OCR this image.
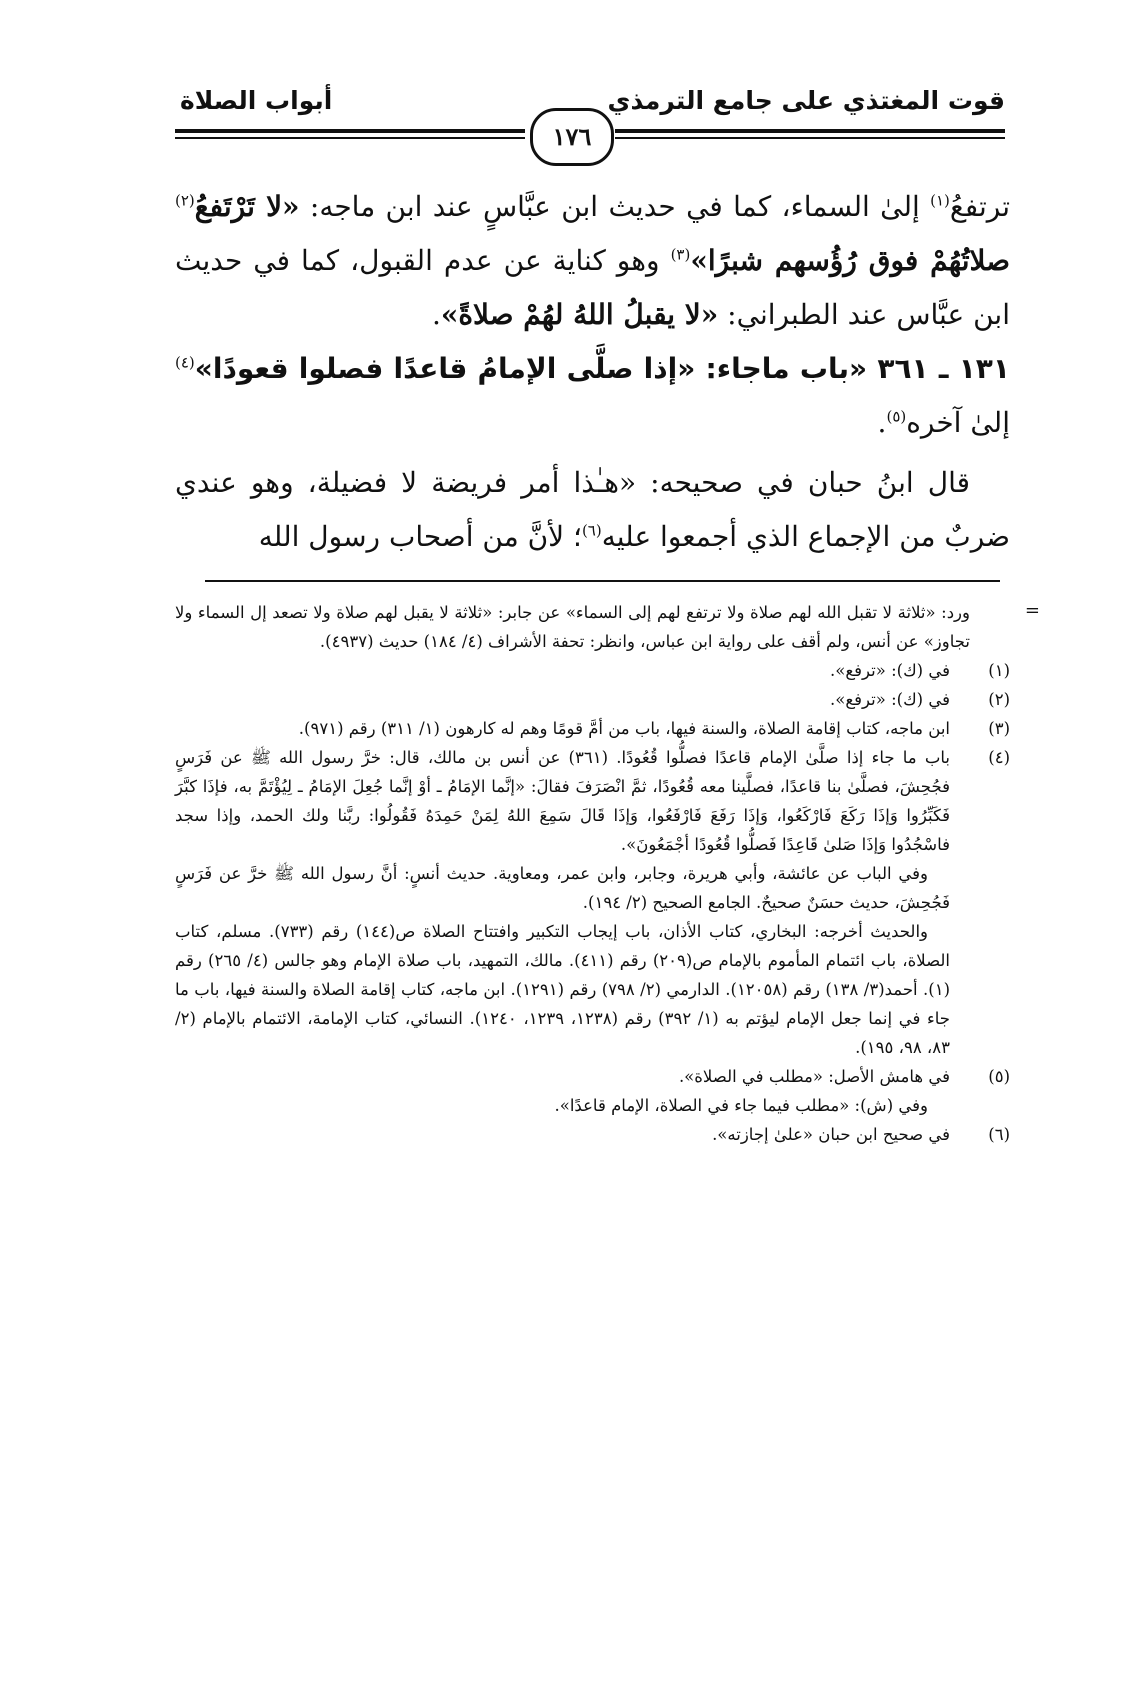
قوت المغتذي على جامع الترمذي
أبواب الصلاة
١٧٦

ترتفعُ$^{(١)}$ إلىٰ السماء، كما في حديث ابن عبَّاسٍ عند ابن ماجه: «لا تَرْتَفعُ$^{(٢)}$ صلاتُهُمْ فوق رُؤُسهم شبرًا»$^{(٣)}$ وهو كناية عن عدم القبول، كما في حديث ابن عبَّاس عند الطبراني: «لا يقبلُ اللهُ لهُمْ صلاةً».

١٣١ ـ ٣٦١ «باب ماجاء: «إذا صلَّى الإمامُ قاعدًا فصلوا قعودًا»$^{(٤)}$ إلىٰ آخره$^{(٥)}$.

قال ابنُ حبان في صحيحه: «هـٰذا أمر فريضة لا فضيلة، وهو عندي ضربٌ من الإجماع الذي أجمعوا عليه$^{(٦)}$؛ لأنَّ من أصحاب رسول الله

=

ورد: «ثلاثة لا تقبل الله لهم صلاة ولا ترتفع لهم إلى السماء» عن جابر: «ثلاثة لا يقبل لهم صلاة ولا تصعد إل السماء ولا تجاوز» عن أنس، ولم أقف على رواية ابن عباس، وانظر: تحفة الأشراف (٤/ ١٨٤) حديث (٤٩٣٧).

(١)

في (ك): «ترفع».

(٢)

في (ك): «ترفع».

(٣)

ابن ماجه، كتاب إقامة الصلاة، والسنة فيها، باب من أمَّ قومًا وهم له كارهون (١/ ٣١١) رقم (٩٧١).

(٤)

باب ما جاء إذا صلَّىٰ الإمام قاعدًا فصلُّوا قُعُودًا. (٣٦١) عن أنس بن مالك، قال: خرَّ رسول الله ﷺ عن فَرَسٍ فجُحِشَ، فصلَّىٰ بنا قاعدًا، فصلَّينا معه قُعُودًا، ثمَّ انْصَرَفَ فقالَ: «إنَّما الإمَامُ ـ أوْ إنَّما جُعِلَ الإمَامُ ـ لِيُؤْتَمَّ به، فإذَا كبَّرَ فَكَبِّرُوا وَإذَا رَكَعَ فَارْكَعُوا، وَإذَا رَفَعَ فَارْفَعُوا، وَإذَا قَالَ سَمِعَ اللهُ لِمَنْ حَمِدَهُ فَقُولُوا: ربَّنا ولك الحمد، وإذا سجد فاسْجُدُوا وَإذَا صَلىٰ قَاعِدًا فَصلُّوا قُعُودًا أجْمَعُونَ».

وفي الباب عن عائشة، وأبي هريرة، وجابر، وابن عمر، ومعاوية. حديث أنسٍ: أنَّ رسول الله ﷺ خرَّ عن فَرَسٍ فَجُحِشَ، حديث حسَنٌ صحيحٌ. الجامع الصحيح (٢/ ١٩٤).

والحديث أخرجه: البخاري، كتاب الأذان، باب إيجاب التكبير وافتتاح الصلاة ص(١٤٤) رقم (٧٣٣). مسلم، كتاب الصلاة، باب ائتمام المأموم بالإمام ص(٢٠٩) رقم (٤١١). مالك، التمهيد، باب صلاة الإمام وهو جالس (٤/ ٢٦٥) رقم (١). أحمد(٣/ ١٣٨) رقم (١٢٠٥٨). الدارمي (٢/ ٧٩٨) رقم (١٢٩١). ابن ماجه، كتاب إقامة الصلاة والسنة فيها، باب ما جاء في إنما جعل الإمام ليؤتم به (١/ ٣٩٢) رقم (١٢٣٨، ١٢٣٩، ١٢٤٠). النسائي، كتاب الإمامة، الائتمام بالإمام (٢/ ٨٣، ٩٨، ١٩٥).

(٥)

في هامش الأصل: «مطلب في الصلاة».

وفي (ش): «مطلب فيما جاء في الصلاة، الإمام قاعدًا».

(٦)

في صحيح ابن حبان «علىٰ إجازته».
